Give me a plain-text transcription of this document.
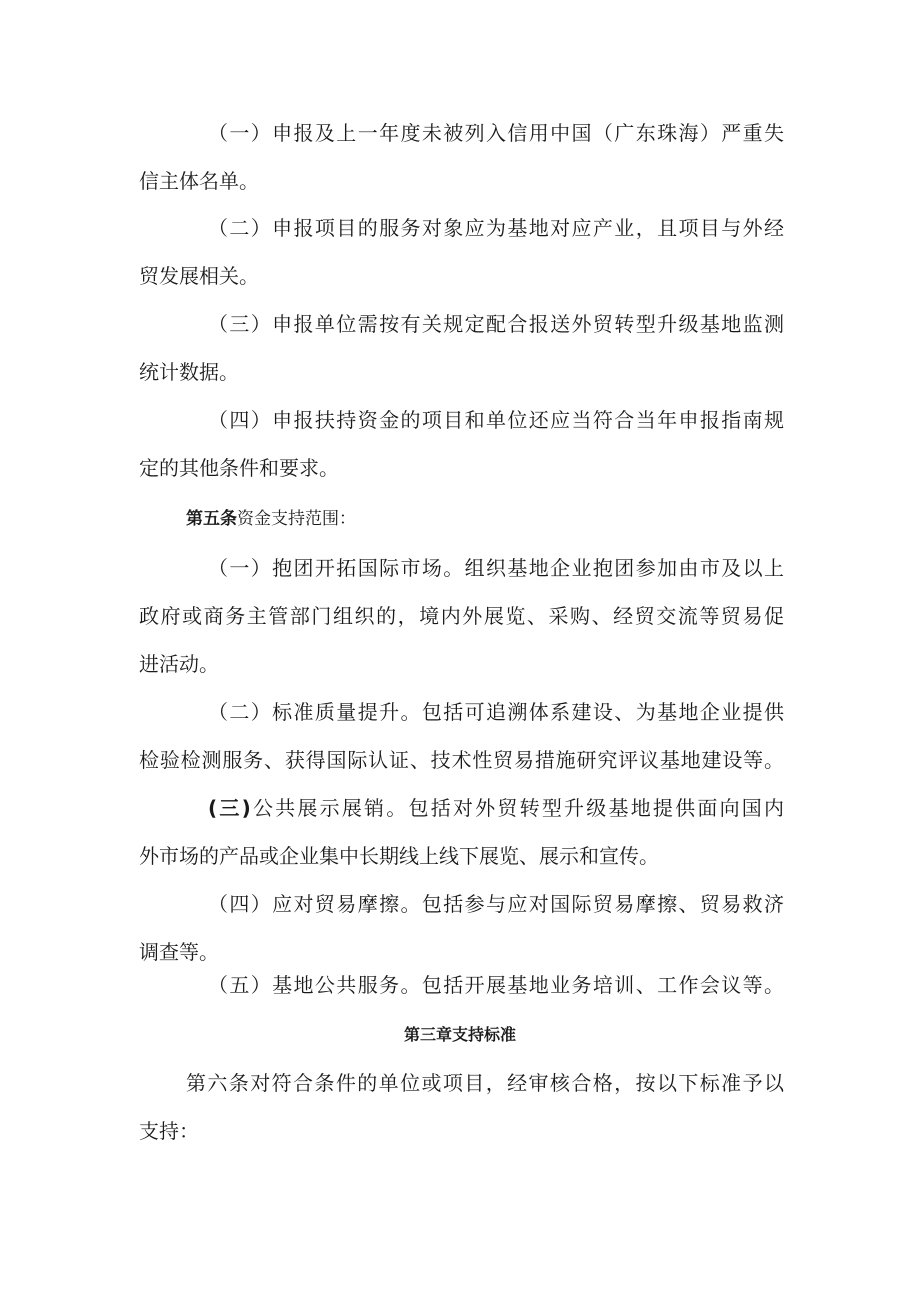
（一）申报及上一年度未被列入信用中国（广东珠海）严重失
信主体名单。
（二）申报项目的服务对象应为基地对应产业，且项目与外经
贸发展相关。
（三）申报单位需按有关规定配合报送外贸转型升级基地监测
统计数据。
（四）申报扶持资金的项目和单位还应当符合当年申报指南规
定的其他条件和要求。
第五条资金支持范围：
（一）抱团开拓国际市场。组织基地企业抱团参加由市及以上
政府或商务主管部门组织的，境内外展览、采购、经贸交流等贸易促
进活动。
（二）标准质量提升。包括可追溯体系建设、为基地企业提供
检验检测服务、获得国际认证、技术性贸易措施研究评议基地建设等。
(三)公共展示展销。包括对外贸转型升级基地提供面向国内
外市场的产品或企业集中长期线上线下展览、展示和宣传。
（四）应对贸易摩擦。包括参与应对国际贸易摩擦、贸易救济
调查等。
（五）基地公共服务。包括开展基地业务培训、工作会议等。
第三章支持标准
第六条对符合条件的单位或项目，经审核合格，按以下标准予以
支持：
